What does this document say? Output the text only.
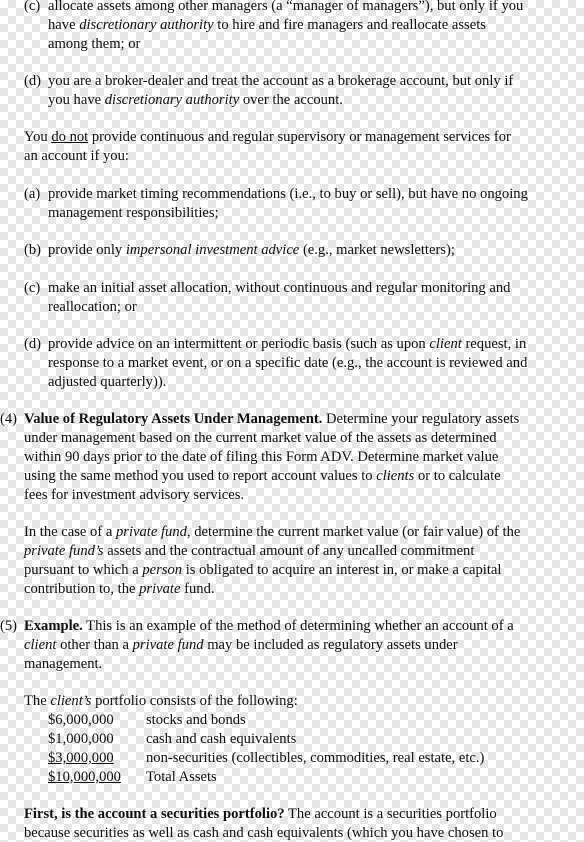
(c) allocate assets among other managers (a “manager of managers”), but only if you
have discretionary authority to hire and fire managers and reallocate assets
among them; or
(d) you are a broker-dealer and treat the account as a brokerage account, but only if
you have discretionary authority over the account.
You do not provide continuous and regular supervisory or management services for
an account if you:
(a) provide market timing recommendations (i.e., to buy or sell), but have no ongoing
management responsibilities;
(b) provide only impersonal investment advice (e.g., market newsletters);
(c) make an initial asset allocation, without continuous and regular monitoring and
reallocation; or
(d) provide advice on an intermittent or periodic basis (such as upon client request, in
response to a market event, or on a specific date (e.g., the account is reviewed and
adjusted quarterly)).
(4) Value of Regulatory Assets Under Management. Determine your regulatory assets
under management based on the current market value of the assets as determined
within 90 days prior to the date of filing this Form ADV. Determine market value
using the same method you used to report account values to clients or to calculate
fees for investment advisory services.
In the case of a private fund, determine the current market value (or fair value) of the
private fund’s assets and the contractual amount of any uncalled commitment
pursuant to which a person is obligated to acquire an interest in, or make a capital
contribution to, the private fund.
(5) Example. This is an example of the method of determining whether an account of a
client other than a private fund may be included as regulatory assets under
management.
The client’s portfolio consists of the following:
$6,000,000 stocks and bonds
$1,000,000 cash and cash equivalents
$3,000,000 non-securities (collectibles, commodities, real estate, etc.)
$10,000,000 Total Assets
First, is the account a securities portfolio? The account is a securities portfolio
because securities as well as cash and cash equivalents (which you have chosen to
